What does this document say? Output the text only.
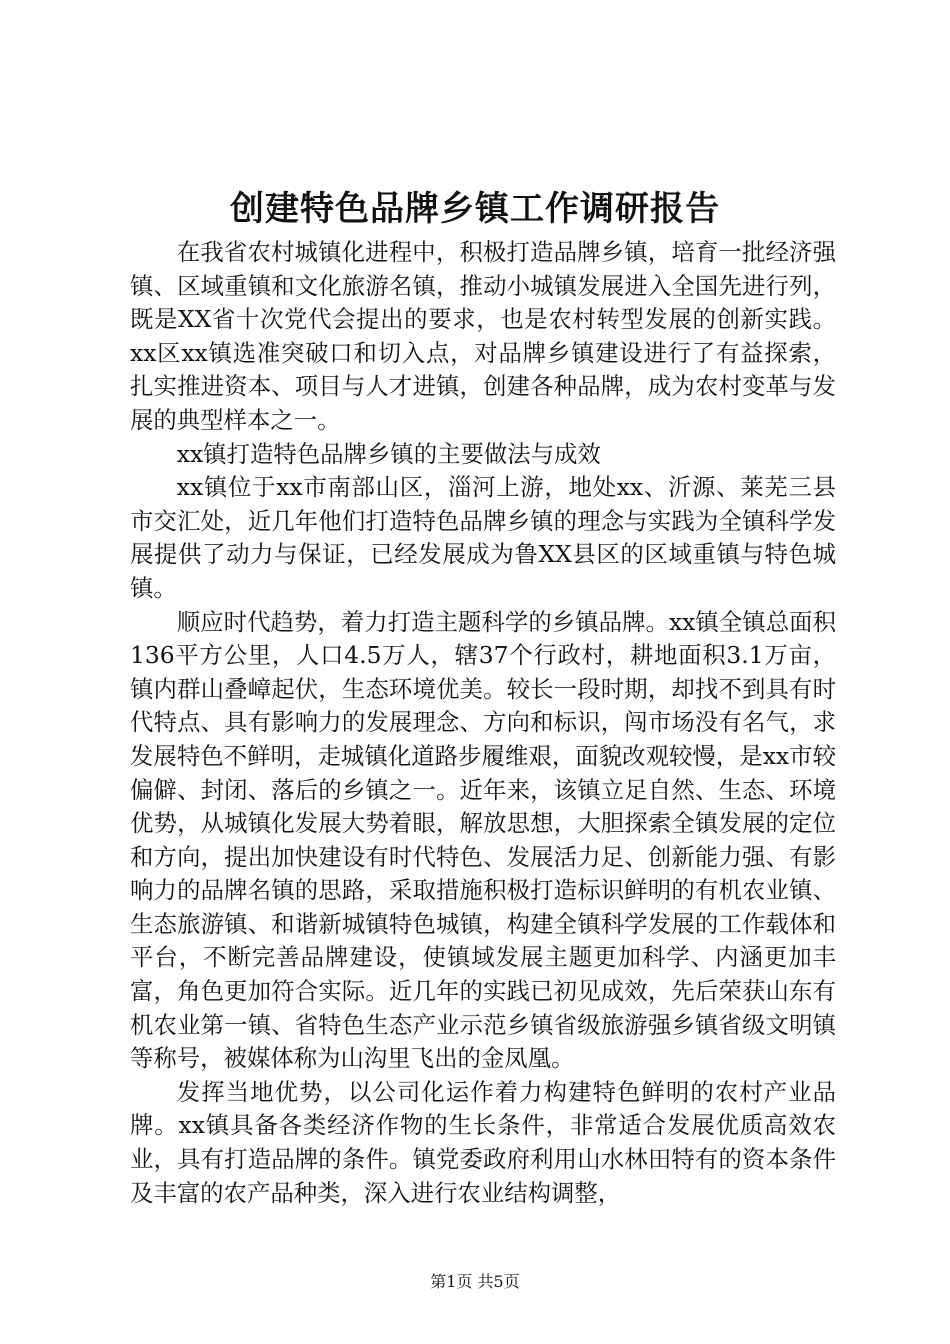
创建特色品牌乡镇工作调研报告

在我省农村城镇化进程中，积极打造品牌乡镇，培育一批经济强镇、区域重镇和文化旅游名镇，推动小城镇发展进入全国先进行列，既是XX省十次党代会提出的要求，也是农村转型发展的创新实践。xx区xx镇选准突破口和切入点，对品牌乡镇建设进行了有益探索，扎实推进资本、项目与人才进镇，创建各种品牌，成为农村变革与发展的典型样本之一。

xx镇打造特色品牌乡镇的主要做法与成效

xx镇位于xx市南部山区，淄河上游，地处xx、沂源、莱芜三县市交汇处，近几年他们打造特色品牌乡镇的理念与实践为全镇科学发展提供了动力与保证，已经发展成为鲁XX县区的区域重镇与特色城镇。

顺应时代趋势，着力打造主题科学的乡镇品牌。xx镇全镇总面积136平方公里，人口4.5万人，辖37个行政村，耕地面积3.1万亩，镇内群山叠嶂起伏，生态环境优美。较长一段时期，却找不到具有时代特点、具有影响力的发展理念、方向和标识，闯市场没有名气，求发展特色不鲜明，走城镇化道路步履维艰，面貌改观较慢，是xx市较偏僻、封闭、落后的乡镇之一。近年来，该镇立足自然、生态、环境优势，从城镇化发展大势着眼，解放思想，大胆探索全镇发展的定位和方向，提出加快建设有时代特色、发展活力足、创新能力强、有影响力的品牌名镇的思路，采取措施积极打造标识鲜明的有机农业镇、生态旅游镇、和谐新城镇特色城镇，构建全镇科学发展的工作载体和平台，不断完善品牌建设，使镇域发展主题更加科学、内涵更加丰富，角色更加符合实际。近几年的实践已初见成效，先后荣获山东有机农业第一镇、省特色生态产业示范乡镇省级旅游强乡镇省级文明镇等称号，被媒体称为山沟里飞出的金凤凰。

发挥当地优势，以公司化运作着力构建特色鲜明的农村产业品牌。xx镇具备各类经济作物的生长条件，非常适合发展优质高效农业，具有打造品牌的条件。镇党委政府利用山水林田特有的资本条件及丰富的农产品种类，深入进行农业结构调整，

第1页 共5页
